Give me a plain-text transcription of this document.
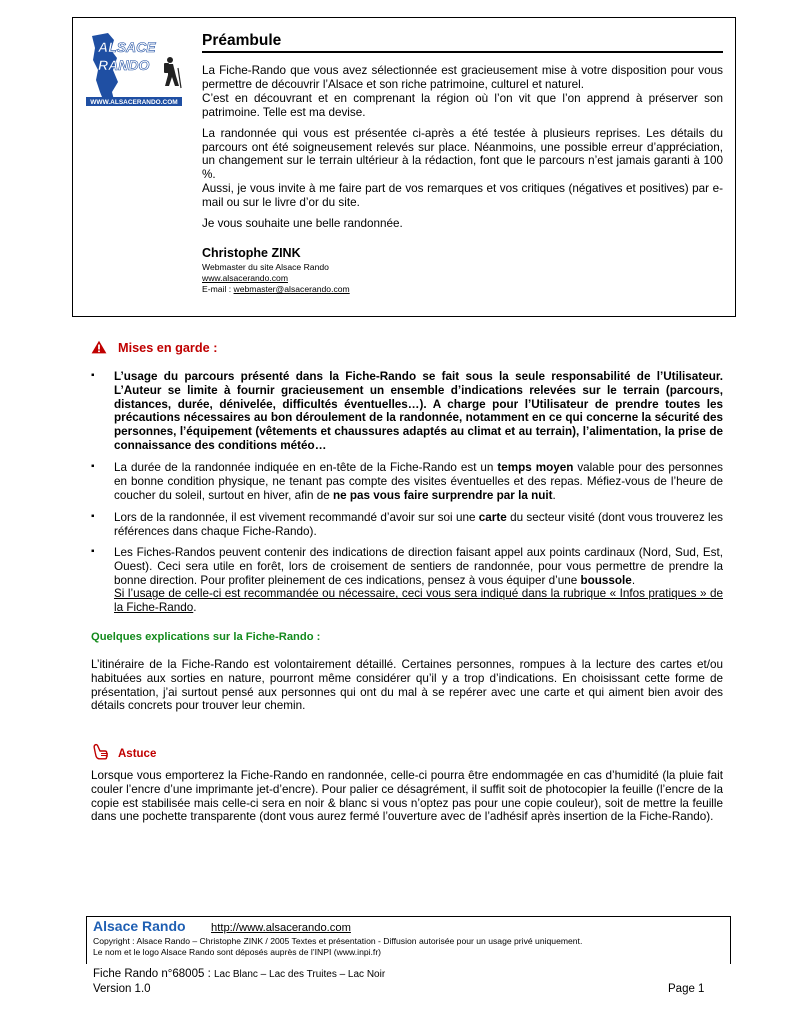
ALSACE
RANDO
WWW.ALSACERANDO.COM
Préambule
La Fiche-Rando que vous avez sélectionnée est gracieusement mise à votre disposition pour vous permettre de découvrir l’Alsace et son riche patrimoine, culturel et naturel.
C’est en découvrant et en comprenant la région où l’on vit que l’on apprend à préserver son patrimoine. Telle est ma devise.
La randonnée qui vous est présentée ci-après a été testée à plusieurs reprises. Les détails du parcours ont été soigneusement relevés sur place. Néanmoins, une possible erreur d’appréciation, un changement sur le terrain ultérieur à la rédaction, font que le parcours n’est jamais garanti à 100 %.
Aussi, je vous invite à me faire part de vos remarques et vos critiques (négatives et positives) par e-mail ou sur le livre d’or du site.
Je vous souhaite une belle randonnée.
Christophe ZINK
Webmaster du site Alsace Rando
www.alsacerando.com
E-mail : webmaster@alsacerando.com
Mises en garde :
▪ L’usage du parcours présenté dans la Fiche-Rando se fait sous la seule responsabilité de l’Utilisateur. L’Auteur se limite à fournir gracieusement un ensemble d’indications relevées sur le terrain (parcours, distances, durée, dénivelée, difficultés éventuelles…). A charge pour l’Utilisateur de prendre toutes les précautions nécessaires au bon déroulement de la randonnée, notamment en ce qui concerne la sécurité des personnes, l’équipement (vêtements et chaussures adaptés au climat et au terrain), l’alimentation, la prise de connaissance des conditions météo…
▪ La durée de la randonnée indiquée en en-tête de la Fiche-Rando est un temps moyen valable pour des personnes en bonne condition physique, ne tenant pas compte des visites éventuelles et des repas. Méfiez-vous de l’heure de coucher du soleil, surtout en hiver, afin de ne pas vous faire surprendre par la nuit.
▪ Lors de la randonnée, il est vivement recommandé d’avoir sur soi une carte du secteur visité (dont vous trouverez les références dans chaque Fiche-Rando).
▪ Les Fiches-Randos peuvent contenir des indications de direction faisant appel aux points cardinaux (Nord, Sud, Est, Ouest). Ceci sera utile en forêt, lors de croisement de sentiers de randonnée, pour vous permettre de prendre la bonne direction. Pour profiter pleinement de ces indications, pensez à vous équiper d’une boussole.
Si l’usage de celle-ci est recommandée ou nécessaire, ceci vous sera indiqué dans la rubrique « Infos pratiques » de la Fiche-Rando.
Quelques explications sur la Fiche-Rando :
L’itinéraire de la Fiche-Rando est volontairement détaillé. Certaines personnes, rompues à la lecture des cartes et/ou habituées aux sorties en nature, pourront même considérer qu’il y a trop d’indications. En choisissant cette forme de présentation, j’ai surtout pensé aux personnes qui ont du mal à se repérer avec une carte et qui aiment bien avoir des détails concrets pour trouver leur chemin.
Astuce
Lorsque vous emporterez la Fiche-Rando en randonnée, celle-ci pourra être endommagée en cas d’humidité (la pluie fait couler l’encre d’une imprimante jet-d’encre). Pour palier ce désagrément, il suffit soit de photocopier la feuille (l’encre de la copie est stabilisée mais celle-ci sera en noir & blanc si vous n’optez pas pour une copie couleur), soit de mettre la feuille dans une pochette transparente (dont vous aurez fermé l’ouverture avec de l’adhésif après insertion de la Fiche-Rando).
Alsace Rando http://www.alsacerando.com
Copyright : Alsace Rando – Christophe ZINK / 2005 Textes et présentation - Diffusion autorisée pour un usage privé uniquement.
Le nom et le logo Alsace Rando sont déposés auprès de l’INPI (www.inpi.fr)
Fiche Rando n°68005 : Lac Blanc – Lac des Truites – Lac Noir
Version 1.0	Page 1
